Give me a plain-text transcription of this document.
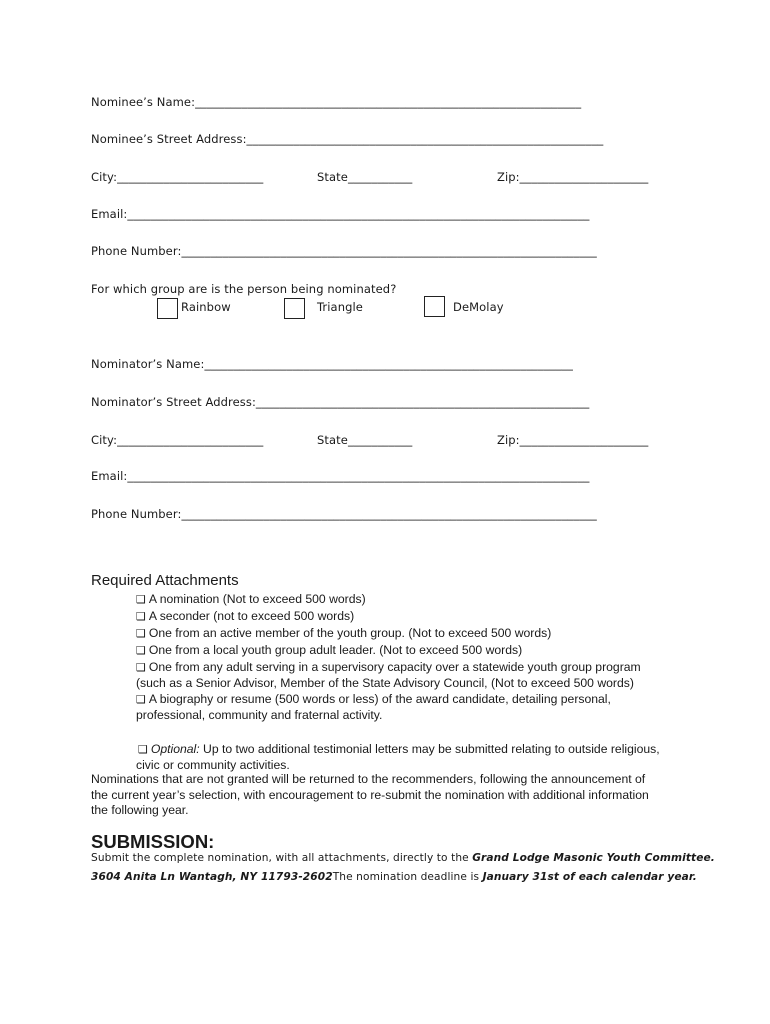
Nominee’s Name:__________________________________________________________________
Nominee’s Street Address:_____________________________________________________________
City:_________________________	State___________	Zip:______________________
Email:_______________________________________________________________________________
Phone Number:_______________________________________________________________________
For which group are is the person being nominated?
Rainbow	Triangle	DeMolay
Nominator’s Name:_______________________________________________________________
Nominator’s Street Address:_________________________________________________________
City:_________________________	State___________	Zip:______________________
Email:_______________________________________________________________________________
Phone Number:_______________________________________________________________________
Required Attachments
❑ A nomination (Not to exceed 500 words)
❑ A seconder (not to exceed 500 words)
❑ One from an active member of the youth group. (Not to exceed 500 words)
❑ One from a local youth group adult leader. (Not to exceed 500 words)
❑ One from any adult serving in a supervisory capacity over a statewide youth group program
(such as a Senior Advisor, Member of the State Advisory Council, (Not to exceed 500 words)
❑ A biography or resume (500 words or less) of the award candidate, detailing personal,
professional, community and fraternal activity.
❑ Optional: Up to two additional testimonial letters may be submitted relating to outside religious,
civic or community activities.
Nominations that are not granted will be returned to the recommenders, following the announcement of
the current year’s selection, with encouragement to re-submit the nomination with additional information
the following year.
SUBMISSION:
Submit the complete nomination, with all attachments, directly to the Grand Lodge Masonic Youth Committee.
3604 Anita Ln Wantagh, NY 11793-2602The nomination deadline is January 31st of each calendar year.
